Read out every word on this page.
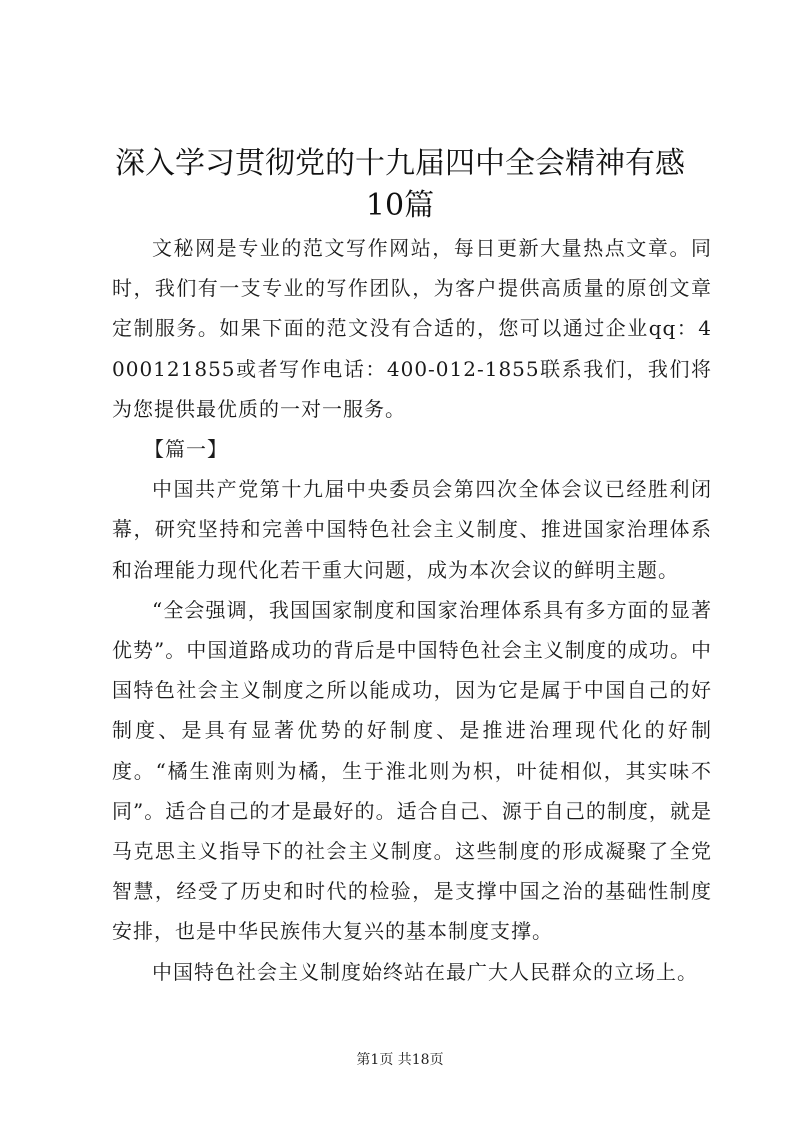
深入学习贯彻党的十九届四中全会精神有感
10篇

文秘网是专业的范文写作网站，每日更新大量热点文章。同时，我们有一支专业的写作团队，为客户提供高质量的原创文章定制服务。如果下面的范文没有合适的，您可以通过企业qq：4000121855或者写作电话：400-012-1855联系我们，我们将为您提供最优质的一对一服务。

【篇一】

中国共产党第十九届中央委员会第四次全体会议已经胜利闭幕，研究坚持和完善中国特色社会主义制度、推进国家治理体系和治理能力现代化若干重大问题，成为本次会议的鲜明主题。

“全会强调，我国国家制度和国家治理体系具有多方面的显著优势”。中国道路成功的背后是中国特色社会主义制度的成功。中国特色社会主义制度之所以能成功，因为它是属于中国自己的好制度、是具有显著优势的好制度、是推进治理现代化的好制度。“橘生淮南则为橘，生于淮北则为枳，叶徒相似，其实味不同”。适合自己的才是最好的。适合自己、源于自己的制度，就是马克思主义指导下的社会主义制度。这些制度的形成凝聚了全党智慧，经受了历史和时代的检验，是支撑中国之治的基础性制度安排，也是中华民族伟大复兴的基本制度支撑。

中国特色社会主义制度始终站在最广大人民群众的立场上。

第1页 共18页
